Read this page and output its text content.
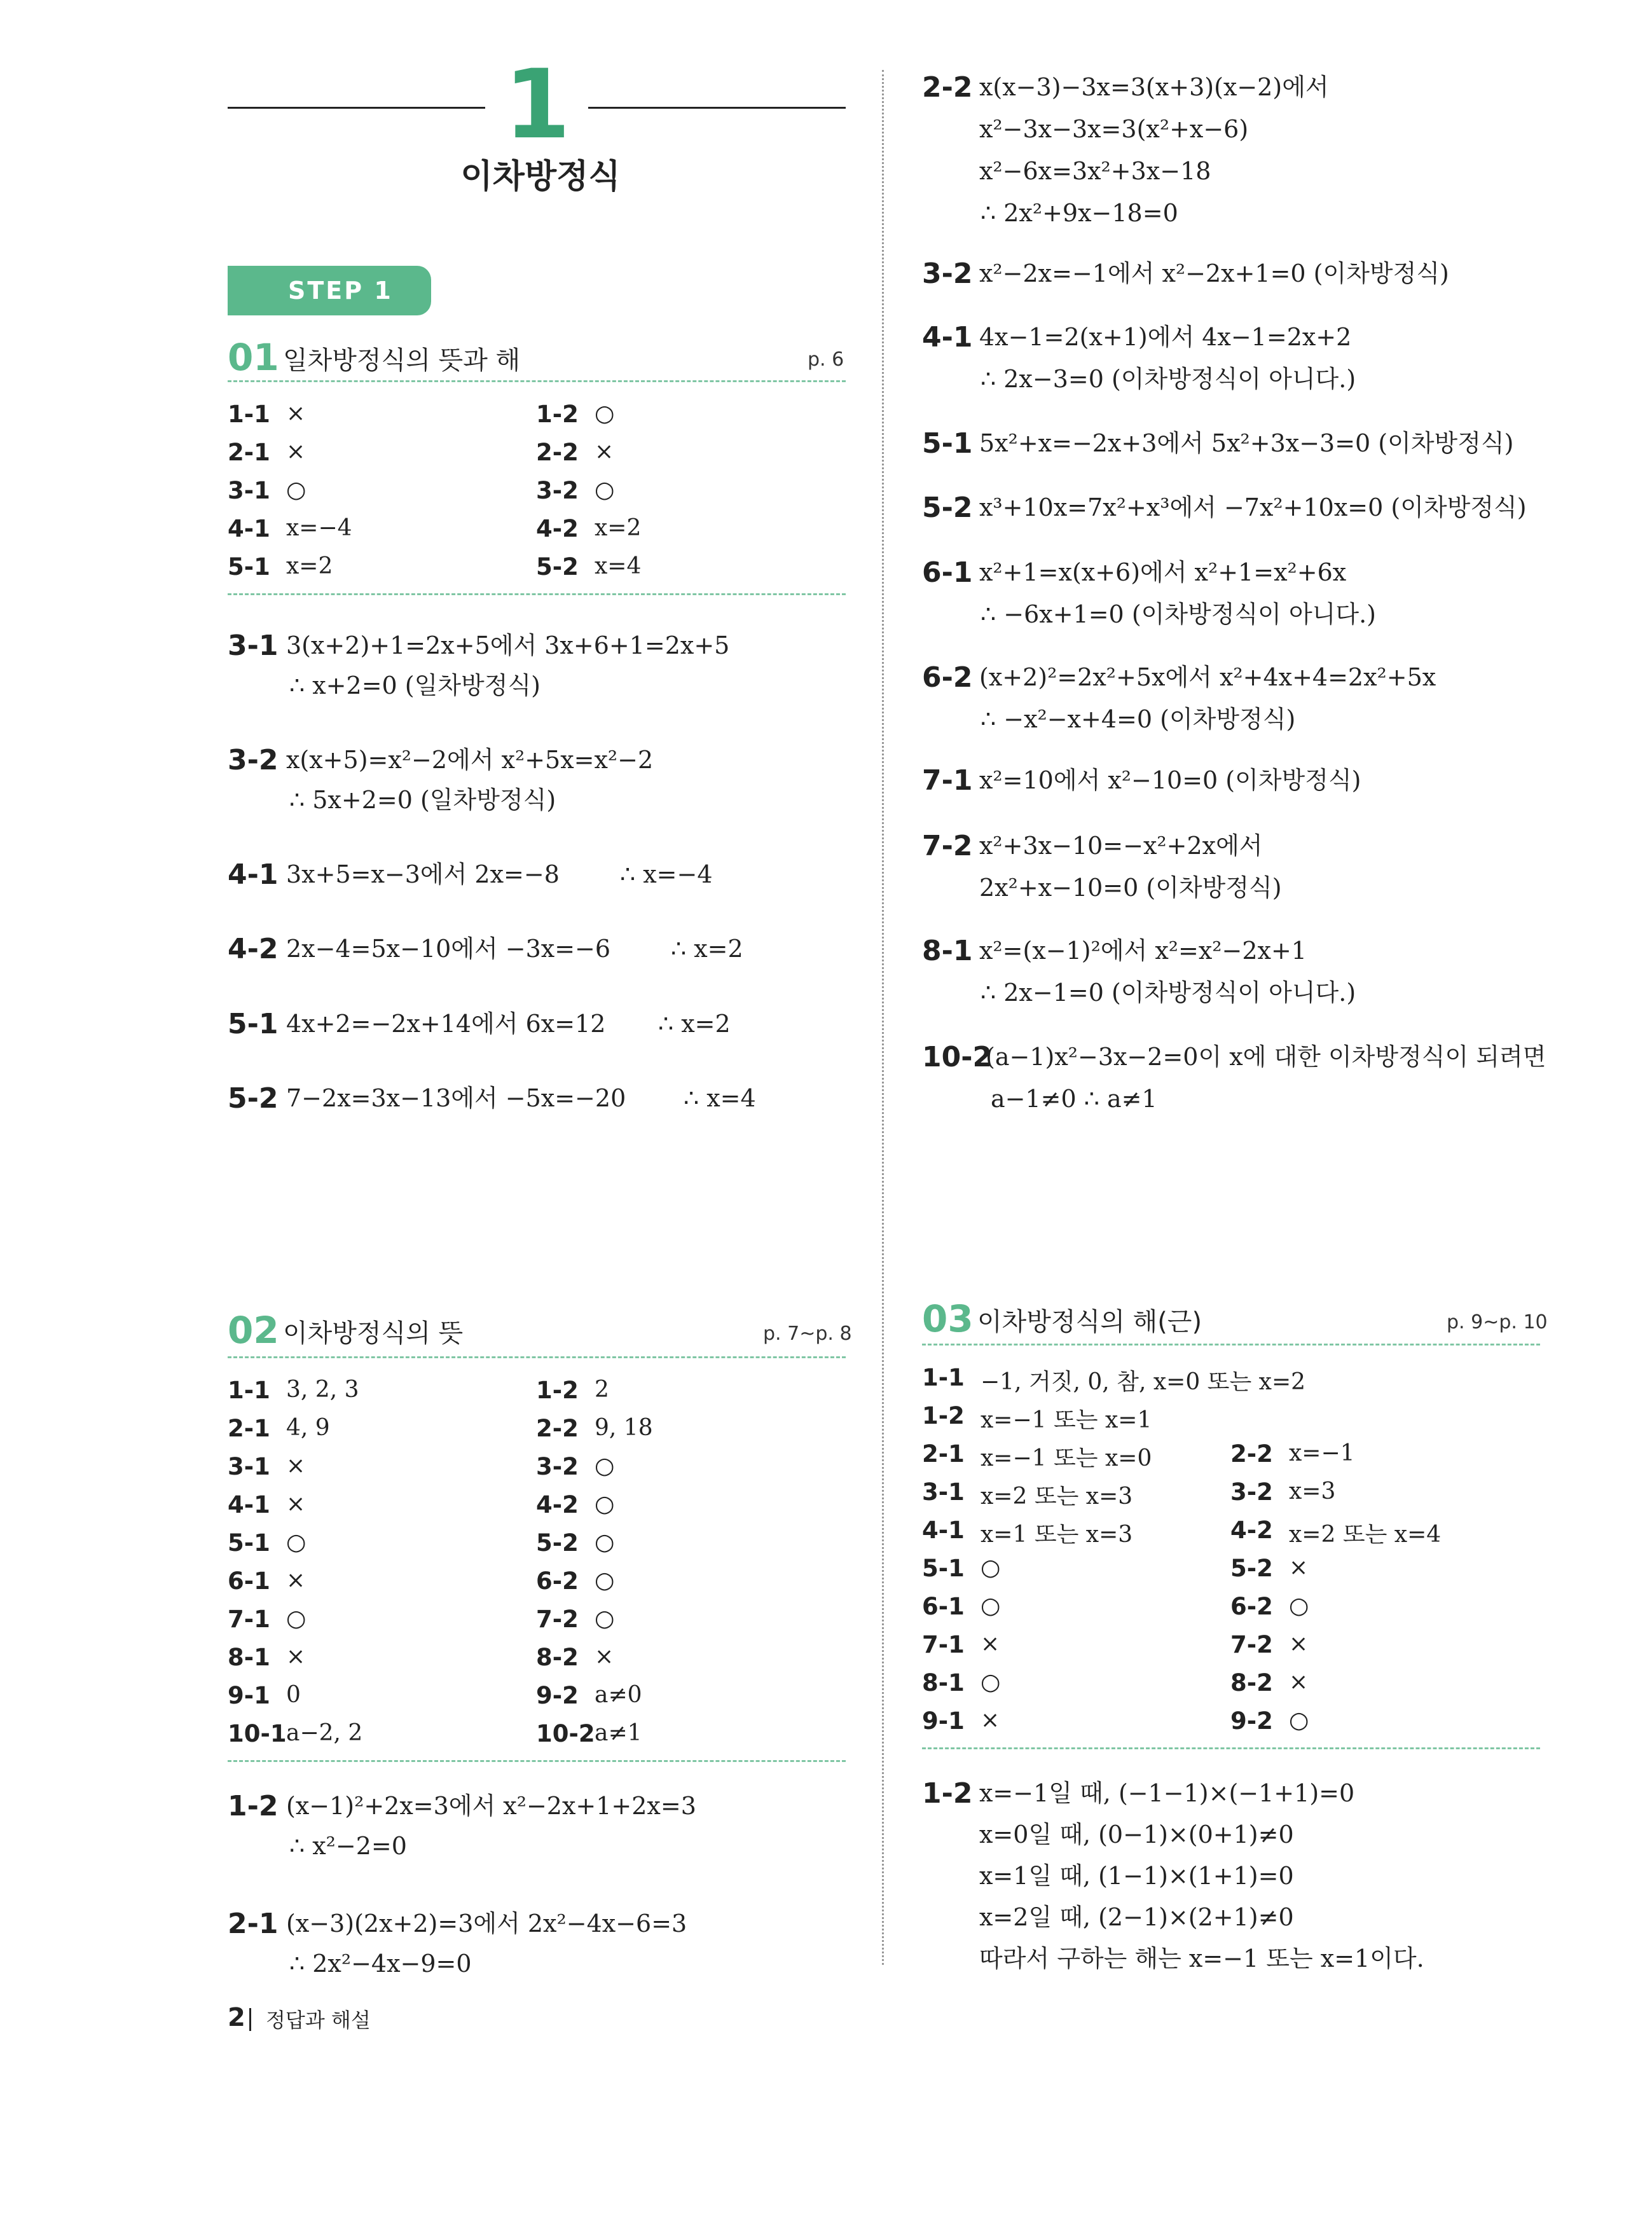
1
이차방정식
STEP 1
01 일차방정식의 뜻과 해	p. 6
1-1 ×	1-2 ○
2-1 ×	2-2 ×
3-1 ○	3-2 ○
4-1 x=−4	4-2 x=2
5-1 x=2	5-2 x=4
3-1 3(x+2)+1=2x+5에서 3x+6+1=2x+5
∴ x+2=0 (일차방정식)
3-2 x(x+5)=x²−2에서 x²+5x=x²−2
∴ 5x+2=0 (일차방정식)
4-1 3x+5=x−3에서 2x=−8	∴ x=−4
4-2 2x−4=5x−10에서 −3x=−6 ∴ x=2
5-1 4x+2=−2x+14에서 6x=12 ∴ x=2
5-2 7−2x=3x−13에서 −5x=−20 ∴ x=4
2-2 x(x−3)−3x=3(x+3)(x−2)에서
x²−3x−3x=3(x²+x−6)
x²−6x=3x²+3x−18
∴ 2x²+9x−18=0
3-2 x²−2x=−1에서 x²−2x+1=0 (이차방정식)
4-1 4x−1=2(x+1)에서 4x−1=2x+2
∴ 2x−3=0 (이차방정식이 아니다.)
5-1 5x²+x=−2x+3에서 5x²+3x−3=0 (이차방정식)
5-2 x³+10x=7x²+x³에서 −7x²+10x=0 (이차방정식)
6-1 x²+1=x(x+6)에서 x²+1=x²+6x
∴ −6x+1=0 (이차방정식이 아니다.)
6-2 (x+2)²=2x²+5x에서 x²+4x+4=2x²+5x
∴ −x²−x+4=0 (이차방정식)
7-1 x²=10에서 x²−10=0 (이차방정식)
7-2 x²+3x−10=−x²+2x에서
2x²+x−10=0 (이차방정식)
8-1 x²=(x−1)²에서 x²=x²−2x+1
∴ 2x−1=0 (이차방정식이 아니다.)
10-2
(a−1)x²−3x−2=0이 x에 대한 이차방정식이 되려면
a−1≠0 ∴ a≠1
02 이차방정식의 뜻	p. 7~p. 8
1-1 3, 2, 3	1-2 2
2-1 4, 9	2-2 9, 18
3-1 ×	3-2 ○
4-1 ×	4-2 ○
5-1 ○	5-2 ○
6-1 ×	6-2 ○
7-1 ○	7-2 ○
8-1 ×	8-2 ×
9-1 0	9-2 a≠0
10-1 a−2, 2	10-2 a≠1
1-2 (x−1)²+2x=3에서 x²−2x+1+2x=3
∴ x²−2=0
2-1 (x−3)(2x+2)=3에서 2x²−4x−6=3
∴ 2x²−4x−9=0
03 이차방정식의 해(근)	p. 9~p. 10
1-1 −1, 거짓, 0, 참, x=0 또는 x=2
1-2 x=−1 또는 x=1
2-1 x=−1 또는 x=0	2-2 x=−1
3-1 x=2 또는 x=3	3-2 x=3
4-1 x=1 또는 x=3	4-2 x=2 또는 x=4
5-1 ○	5-2 ×
6-1 ○	6-2 ○
7-1 ×	7-2 ×
8-1 ○	8-2 ×
9-1 ×	9-2 ○
1-2 x=−1일 때, (−1−1)×(−1+1)=0
x=0일 때, (0−1)×(0+1)≠0
x=1일 때, (1−1)×(1+1)=0
x=2일 때, (2−1)×(2+1)≠0
따라서 구하는 해는 x=−1 또는 x=1이다.
2 정답과 해설
